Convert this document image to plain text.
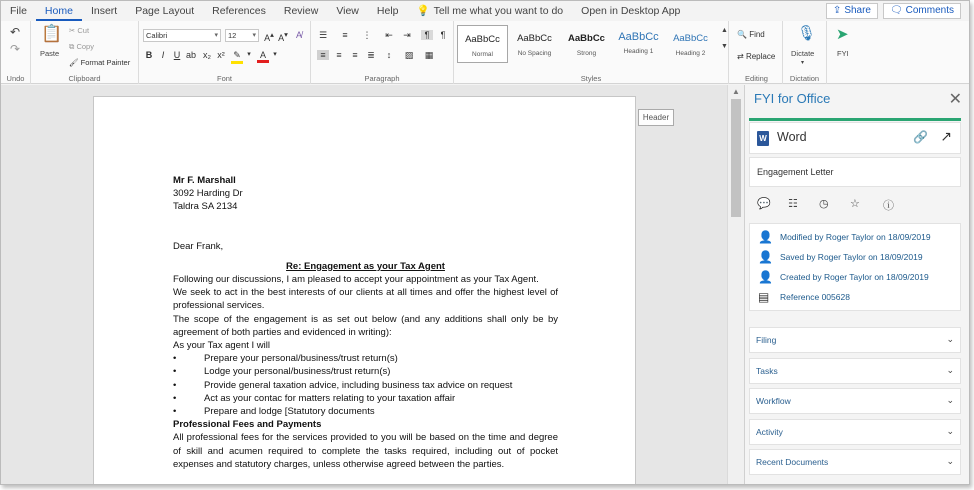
File	Home	Insert	Page Layout	References	Review	View	Help	💡 Tell me what you want to do	Open in Desktop App	⇪ Share 🗨 Comments
↶
↷
Undo
📋
Paste
✂ Cut
⧉ Copy
🖌 Format Painter
Clipboard
Calibri ▾	12 ▾	A▴ A▾ A̸
B	I	U ab x₂ x² ✎ ▾	A	▾
Font
☰	≡	⋮ ⇤ ⇥	¶	¶
≡	≡	≡	≣	↕	▨ ▦
Paragraph	Styles
AaBbCc
Normal
AaBbCc
No Spacing
AaBbCc
Strong
AaBbCc
Heading 1
AaBbCc
Heading 2
▲
▼
🔍 Find
⇄ Replace
Editing
🎙
Dictate
▾
Dictation
➤
FYI
Mr F. Marshall
3092 Harding Dr
Taldra SA 2134
Dear Frank,
Re: Engagement as your Tax Agent
Following our discussions, I am pleased to accept your appointment as your Tax Agent.
We seek to act in the best interests of our clients at all times and offer the highest level of professional services.
The scope of the engagement is as set out below (and any additions shall only be by agreement of both parties and evidenced in writing):
As your Tax agent I will
•	Prepare your personal/business/trust return(s)
•	Lodge your personal/business/trust return(s)
•	Provide general taxation advice, including business tax advice on request
•	Act as your contac for matters relating to your taxation affair
•	Prepare and lodge [Statutory documents
Professional Fees and Payments
All professional fees for the services provided to you will be based on the time and degree of skill and acumen required to complete the tasks required, including out of pocket expenses and statutory charges, unless otherwise agreed between the parties.
Header
▲ FYI for Office	✕
W Word	🔗 ↗
Engagement Letter
💬 ☷ ◷ ☆ ⓘ
👤 Modified by Roger Taylor on 18/09/2019
👤 Saved by Roger Taylor on 18/09/2019
👤 Created by Roger Taylor on 18/09/2019
▤	Reference 005628
Filing	⌄
Tasks	⌄
Workflow	⌄
Activity	⌄
Recent Documents	⌄
